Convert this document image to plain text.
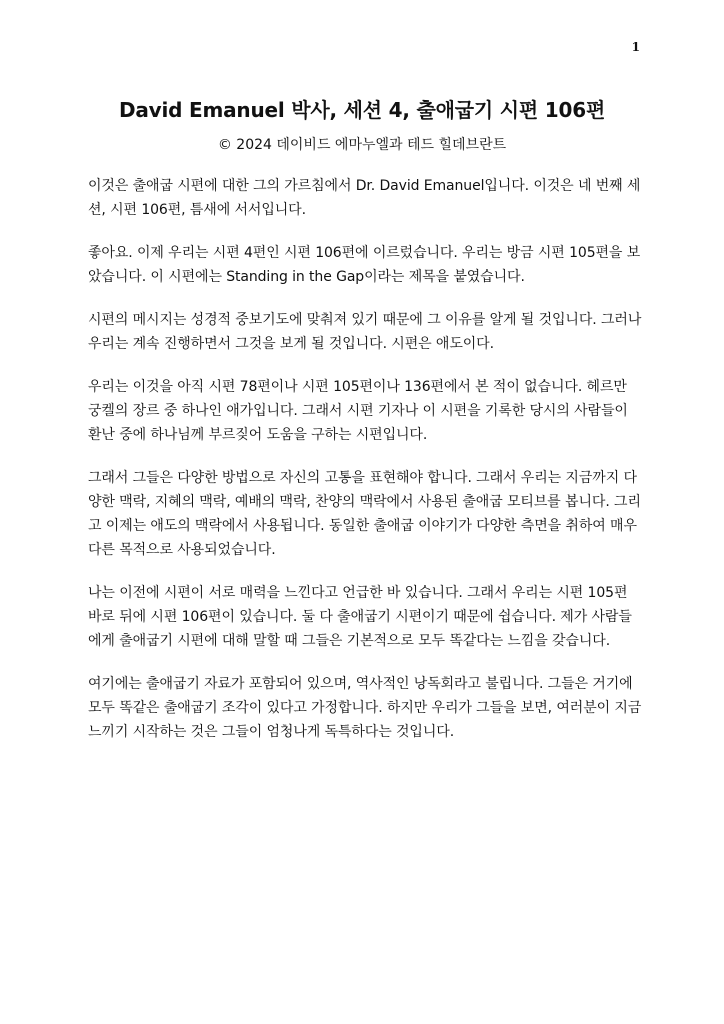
1
David Emanuel 박사, 세션 4, 출애굽기 시편 106편
© 2024 데이비드 에마누엘과 테드 힐데브란트

이것은 출애굽 시편에 대한 그의 가르침에서 Dr. David Emanuel입니다. 이것은 네 번째 세션, 시편 106편, 틈새에 서서입니다.

좋아요. 이제 우리는 시편 4편인 시편 106편에 이르렀습니다. 우리는 방금 시편 105편을 보았습니다. 이 시편에는 Standing in the Gap이라는 제목을 붙였습니다.

시편의 메시지는 성경적 중보기도에 맞춰져 있기 때문에 그 이유를 알게 될 것입니다. 그러나 우리는 계속 진행하면서 그것을 보게 될 것입니다. 시편은 애도이다.

우리는 이것을 아직 시편 78편이나 시편 105편이나 136편에서 본 적이 없습니다. 헤르만 궁켈의 장르 중 하나인 애가입니다. 그래서 시편 기자나 이 시편을 기록한 당시의 사람들이 환난 중에 하나님께 부르짖어 도움을 구하는 시편입니다.

그래서 그들은 다양한 방법으로 자신의 고통을 표현해야 합니다. 그래서 우리는 지금까지 다양한 맥락, 지혜의 맥락, 예배의 맥락, 찬양의 맥락에서 사용된 출애굽 모티브를 봅니다. 그리고 이제는 애도의 맥락에서 사용됩니다. 동일한 출애굽 이야기가 다양한 측면을 취하여 매우 다른 목적으로 사용되었습니다.

나는 이전에 시편이 서로 매력을 느낀다고 언급한 바 있습니다. 그래서 우리는 시편 105편 바로 뒤에 시편 106편이 있습니다. 둘 다 출애굽기 시편이기 때문에 쉽습니다. 제가 사람들에게 출애굽기 시편에 대해 말할 때 그들은 기본적으로 모두 똑같다는 느낌을 갖습니다.

여기에는 출애굽기 자료가 포함되어 있으며, 역사적인 낭독회라고 불립니다. 그들은 거기에 모두 똑같은 출애굽기 조각이 있다고 가정합니다. 하지만 우리가 그들을 보면, 여러분이 지금 느끼기 시작하는 것은 그들이 엄청나게 독특하다는 것입니다.
